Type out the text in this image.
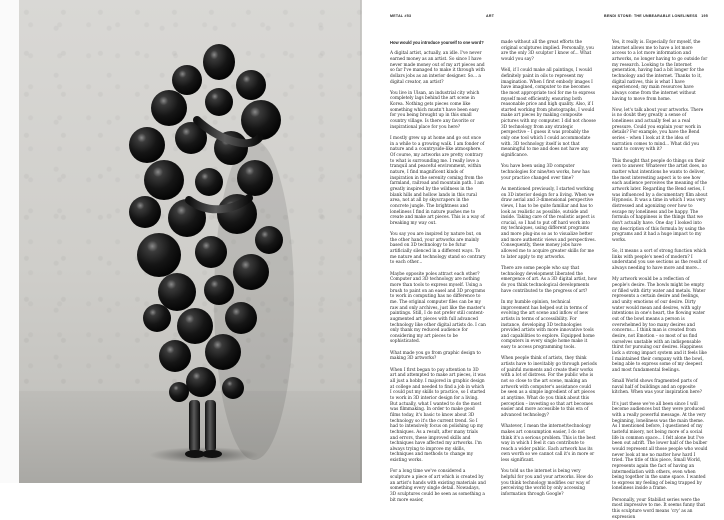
METAL #53	ART	BENDI STONE: THE UNBEARABLE LONELINESS 195

How would you introduce yourself to one word?

A digital artist, actually, an idle. I've never earned money as an artist. So since I have never made money out of my art pieces and so far I've managed to make it through with dollars jobs as an interior designer. So... a digital creator, an artist?

You live in Ulsan, an industrial city which completely lags behind the art scene in Korea. Nothing gets pieces come like something which mustn't have been easy for you being brought up in this small country village. Is there any favorite or inspirational place for you here?

I mostly grew up at home and go out once in a while to a growing walk. I am fonder of nature and a countryside-like atmosphere. Of course, my artworks are pretty contrary to what is surrounding me. I really love a tranquil and peaceful environment, within nature, I find magnificent kinds of inspiration in the serenity coming from the farmland, railroad and mountain path. I am greatly inspired by the wildness in the blank hills and hollow lands in this rural area, not at all by skyscrapers in the concrete jungle. The brightness and loneliness I find in nature pushes me to create and make art pieces. This is a way of breaking my way out.

You say you are inspired by nature but, on the other hand, your artworks are mainly based on 3D technology to be futur artificially silenced in a different ways. To me nature and technology stand so contrary to each other...

Maybe opposite poles attract each other? Computer and 3D technology are nothing more than tools to express myself. Using a brush to paint on an easel and 3D programs to work in computing has no difference to me. The original computer files can be my raw and only archives, just like the master's paintings. Still, I do not prefer still content-augmented art pieces with full advanced technology like other digital artists do. I can only thank my reduced audience for considering my art pieces to be sophisticated.

What made you go from graphic design to making 3D artworks?

When I first began to pay attention to 3D art and attempted to make art pieces, it was all just a hobby. I majored in graphic design at college and needed to find a job in which I could put my skills to practice, so I started to work in 3D interior design for a living. But actually, what I wanted to do the most was filmmaking. In order to make good films today, it's basic to know about 3D technology so it's the current trend. So I had to intensively focus on polishing up my techniques. As a result, after many trials and errors, these improved skills and techniques have affected my artworks. I'm always trying to improve my skills, techniques and methods to change my existing works.

For a long time we've considered a sculpture a piece of art which is created by an artist's hands with existing materials and something every single detail. Nowadays, 3D sculptures could be seen as something a bit more easier,

made without all the great efforts the original sculptures implied. Personally, you are the only 3D sculptor I know of... What would you say?

Well, if I could make all paintings, I would definitely paint in oils to represent my imagination. When I first embody images I have imagined, computer to me becomes the most appropriate tool for me to express myself most efficiently, ensuring both reasonable price and high quality. Also, if I started working from photographs, I would make art pieces by making composite pictures with my computer. I did not choose 3D technology from any strategic perspective – I guess it was probably the only one tool which I could accommodate with. 3D technology itself is not that meaningful to me and does not have any significance.

You have been using 3D computer technologies for nine/ten works, how has your practice changed over time?

As mentioned previously, I started working on 3D interior design for a living. When we draw aerial and 3-dimensional perspective views, I has to be quite familiar and has to look as realistic as possible, outside and inside. Taking care of the realistic aspect is crucial, so I had to put off hard work into my techniques, using different programs and more plug-ins so as to visualize better and more authentic views and perspectives. Consequently, these money jobs have allowed me to acquire greater skills for me to later apply to my artworks.

There are some people who say that technology development liberated the emergence of art. As a 3D digital artist, how do you think technological developments have contributed to the progress of art?

In my humble opinion, technical improvement has helped out in terms of evolving the art scene and inflow of new artists in terms of accessibility. For instance, developing 3D technologies provided artists with more innovative tools and capabilities to explore. Equipped home computers in every single home make it easy to access programming tools.

When people think of artists, they think artists have to inevitably go through periods of painful moments and create their works with a lot of distress. For the public who is not so close to the art scene, making an artwork with computer's assistance could be seen as a simple ingredient of art pieces at anytime. What do you think about this perception – investing so that art becomes easier and more accessible to this era of advanced technology?

Whatever, I mean the internet/technology makes art consumption easier, I do not think it's a serious problem. This is the best way in which I feel it can contribute to reach a wider public. Each artwork has its own worth so we cannot call it's in more or less significant.

You told us the internet is being very helpful for you and your artworks. How do you think technology modifies our way of perceiving the world by only accessing information through Google?

Yes, it really is. Especially for myself, the internet allows me to have a lot more access to a lot more information and artworks, no longer having to go outside for my research. Looking to the Internet generation, having had a bit longer for the technology and the internet. Thanks to it, digital natives, this is what I have experienced; my main resources have always come from the internet without having to move from home.

Now, let's talk about your artworks. There is no doubt they greatly a sense of loneliness and actually feel as a real pressure. Could you explain your work in details? For example, you have the Bend series – when I look at it the idea of narration comes to mind... What did you want to convey with it?

This thought that people do things on their own to answer. Whatever the artist does, no matter what intentions he wants to deliver, the most interesting aspect is to see how each audience perceives the meaning of the artwork later. Regarding the Bend series, I was influenced by a documentary film about Hypnosis. It was a time in which I was very distressed and agonizing over how to escape my loneliness and be happy. The formula of happiness is the things that we don't actually have. One day I looked into my description of this formula by using the programs and it had a huge impact to my works.

So, it means a sort of strong function which links with people's need of modern? I understand you use sections as the result of always needing to have more and more...

My artwork would be a reflection of people's desire. The bowls might be empty or filled with dirty water and metals. Water represents a certain desire and feelings, and unity emotions of our desire. Dirty water would mean and desires, with ugly intentions in one's heart, the flowing water out of the bowl means a person is overwhelmed by too many desires and concerns... I think man is created from desire, not Emotion – so most of us find ourselves unstable with an indispensable thirst for pursuing our desires. Happiness lack a strong impact system and it feels like I maintained their company with the bowl, being able to express some of my deepest and most fundamental feelings.

Small World shows fragmented parts of naval half of buildings and an opposite kitchen. When was your inspiration here?

It's just these we've all been since I will become audiences but they were produced with a really powerful message. At the very beginning, loneliness was the main theme. As I mentioned before, I questioned of my tasteful misery, not being more of a social life in common space... I felt alone but I've been out adrift. The lower half of the bulber would represent all those people who would never look at me no matter how hard I tried. The title of this piece, Small World, represents again the fact of having an intermediation with others, even when being together in the same space. I wanted to express my feeling of being trapped by loneliness inside a frame.

Personally, your Stabilist series were the most impressive to me. It seems funny that this sculpture word means 'cry' as an expression
